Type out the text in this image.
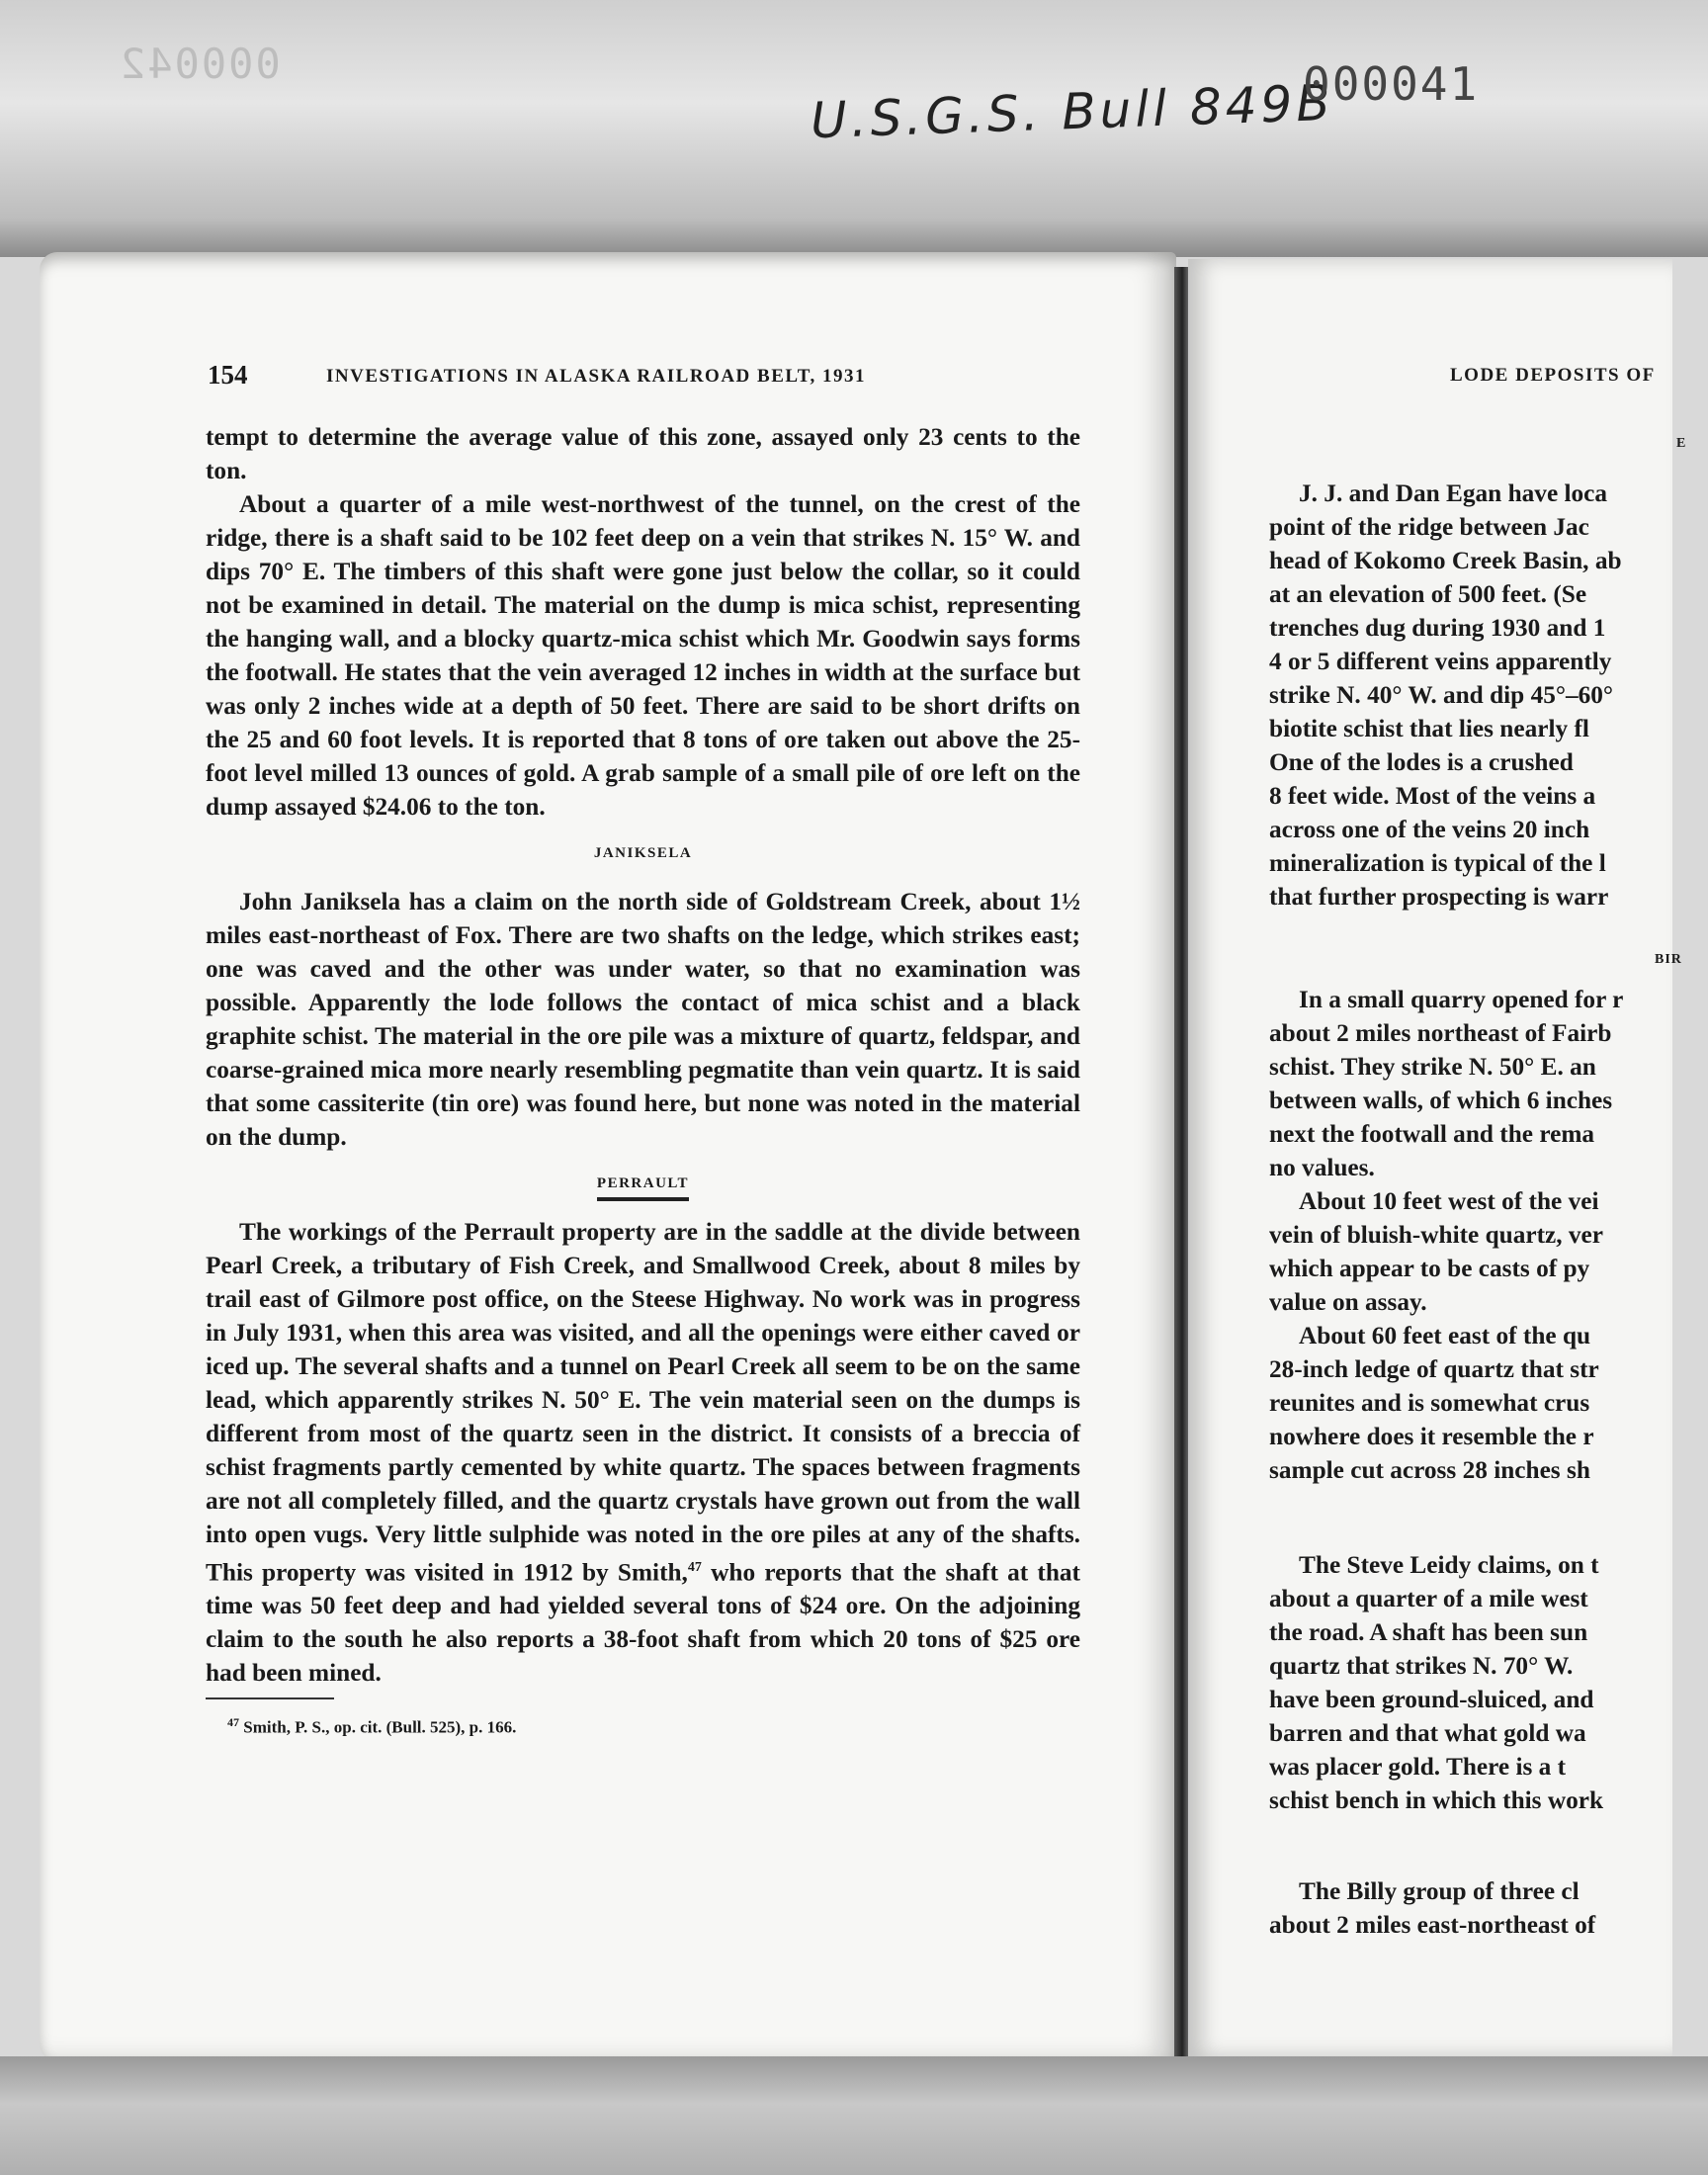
000042
U.S.G.S. Bull 849B
000041
154	INVESTIGATIONS IN ALASKA RAILROAD BELT, 1931

tempt to determine the average value of this zone, assayed only 23 cents to the ton.

About a quarter of a mile west-northwest of the tunnel, on the crest of the ridge, there is a shaft said to be 102 feet deep on a vein that strikes N. 15° W. and dips 70° E. The timbers of this shaft were gone just below the collar, so it could not be examined in detail. The material on the dump is mica schist, representing the hanging wall, and a blocky quartz-mica schist which Mr. Goodwin says forms the footwall. He states that the vein averaged 12 inches in width at the surface but was only 2 inches wide at a depth of 50 feet. There are said to be short drifts on the 25 and 60 foot levels. It is reported that 8 tons of ore taken out above the 25-foot level milled 13 ounces of gold. A grab sample of a small pile of ore left on the dump assayed $24.06 to the ton.

JANIKSELA

John Janiksela has a claim on the north side of Goldstream Creek, about 1½ miles east-northeast of Fox. There are two shafts on the ledge, which strikes east; one was caved and the other was under water, so that no examination was possible. Apparently the lode follows the contact of mica schist and a black graphite schist. The material in the ore pile was a mixture of quartz, feldspar, and coarse-grained mica more nearly resembling pegmatite than vein quartz. It is said that some cassiterite (tin ore) was found here, but none was noted in the material on the dump.

PERRAULT

The workings of the Perrault property are in the saddle at the divide between Pearl Creek, a tributary of Fish Creek, and Smallwood Creek, about 8 miles by trail east of Gilmore post office, on the Steese Highway. No work was in progress in July 1931, when this area was visited, and all the openings were either caved or iced up. The several shafts and a tunnel on Pearl Creek all seem to be on the same lead, which apparently strikes N. 50° E. The vein material seen on the dumps is different from most of the quartz seen in the district. It consists of a breccia of schist fragments partly cemented by white quartz. The spaces between fragments are not all completely filled, and the quartz crystals have grown out from the wall into open vugs. Very little sulphide was noted in the ore piles at any of the shafts. This property was visited in 1912 by Smith,$^{47}$ who reports that the shaft at that time was 50 feet deep and had yielded several tons of $24 ore. On the adjoining claim to the south he also reports a 38-foot shaft from which 20 tons of $25 ore had been mined.

$^{47}$ Smith, P. S., op. cit. (Bull. 525), p. 166.
LODE DEPOSITS OF
E
J. J. and Dan Egan have loca
point of the ridge between Jac
head of Kokomo Creek Basin, ab
at an elevation of 500 feet. (Se
trenches dug during 1930 and 1
4 or 5 different veins apparently
strike N. 40° W. and dip 45°–60°
biotite schist that lies nearly fl
One of the lodes is a crushed
8 feet wide. Most of the veins a
across one of the veins 20 inch
mineralization is typical of the l
that further prospecting is warr
BIR
In a small quarry opened for r
about 2 miles northeast of Fairb
schist. They strike N. 50° E. an
between walls, of which 6 inches
next the footwall and the rema
no values.
About 10 feet west of the vei
vein of bluish-white quartz, ver
which appear to be casts of py
value on assay.
About 60 feet east of the qu
28-inch ledge of quartz that str
reunites and is somewhat crus
nowhere does it resemble the r
sample cut across 28 inches sh
The Steve Leidy claims, on t
about a quarter of a mile west
the road. A shaft has been sun
quartz that strikes N. 70° W.
have been ground-sluiced, and
barren and that what gold wa
was placer gold. There is a t
schist bench in which this work
The Billy group of three cl
about 2 miles east-northeast of
